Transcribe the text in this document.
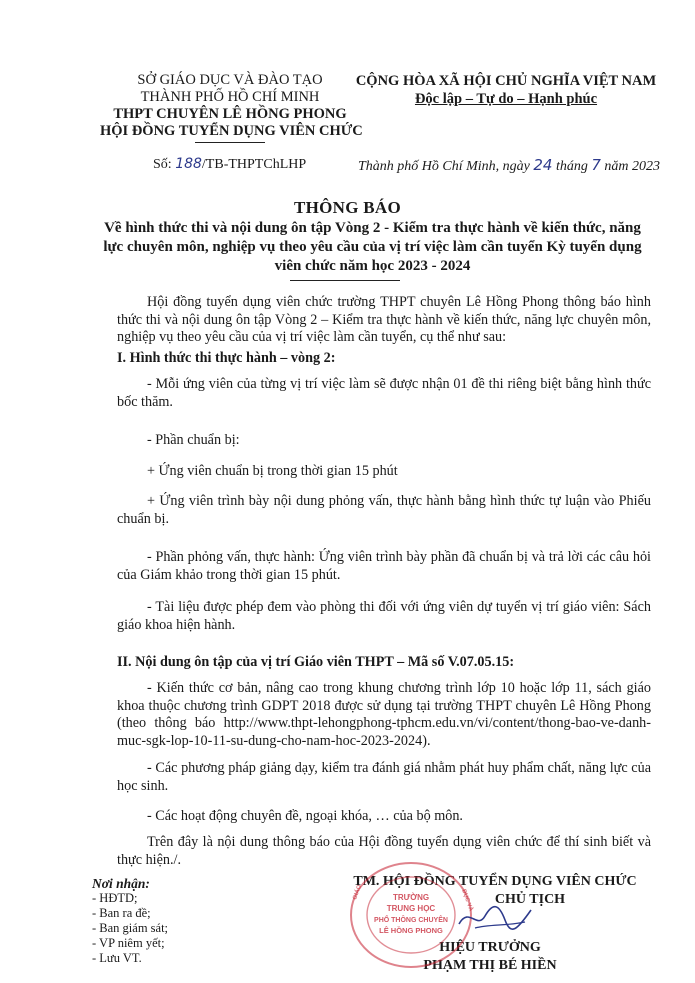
SỞ GIÁO DỤC VÀ ĐÀO TẠO
THÀNH PHỐ HỒ CHÍ MINH
THPT CHUYÊN LÊ HỒNG PHONG
HỘI ĐỒNG TUYỂN DỤNG VIÊN CHỨC
CỘNG HÒA XÃ HỘI CHỦ NGHĨA VIỆT NAM
Độc lập – Tự do – Hạnh phúc
Số: 188/TB-THPTChLHP	Thành phố Hồ Chí Minh, ngày 24 tháng 7 năm 2023
THÔNG BÁO
Về hình thức thi và nội dung ôn tập Vòng 2 - Kiểm tra thực hành về kiến thức, năng lực chuyên môn, nghiệp vụ theo yêu cầu của vị trí việc làm cần tuyển Kỳ tuyển dụng viên chức năm học 2023 - 2024

Hội đồng tuyển dụng viên chức trường THPT chuyên Lê Hồng Phong thông báo hình thức thi và nội dung ôn tập Vòng 2 – Kiểm tra thực hành về kiến thức, năng lực chuyên môn, nghiệp vụ theo yêu cầu của vị trí việc làm cần tuyển, cụ thể như sau:

I. Hình thức thi thực hành – vòng 2:

- Mỗi ứng viên của từng vị trí việc làm sẽ được nhận 01 đề thi riêng biệt bằng hình thức bốc thăm.

- Phần chuẩn bị:

+ Ứng viên chuẩn bị trong thời gian 15 phút

+ Ứng viên trình bày nội dung phỏng vấn, thực hành bằng hình thức tự luận vào Phiếu chuẩn bị.

- Phần phỏng vấn, thực hành: Ứng viên trình bày phần đã chuẩn bị và trả lời các câu hỏi của Giám khảo trong thời gian 15 phút.

- Tài liệu được phép đem vào phòng thi đối với ứng viên dự tuyển vị trí giáo viên: Sách giáo khoa hiện hành.

II. Nội dung ôn tập của vị trí Giáo viên THPT – Mã số V.07.05.15:

- Kiến thức cơ bản, nâng cao trong khung chương trình lớp 10 hoặc lớp 11, sách giáo khoa thuộc chương trình GDPT 2018 được sử dụng tại trường THPT chuyên Lê Hồng Phong (theo thông báo http://www.thpt-lehongphong-tphcm.edu.vn/vi/content/thong-bao-ve-danh-muc-sgk-lop-10-11-su-dung-cho-nam-hoc-2023-2024).

- Các phương pháp giảng dạy, kiểm tra đánh giá nhằm phát huy phẩm chất, năng lực của học sinh.

- Các hoạt động chuyên đề, ngoại khóa, … của bộ môn.

Trên đây là nội dung thông báo của Hội đồng tuyển dụng viên chức để thí sinh biết và thực hiện./.

Nơi nhận:
- HĐTD;
- Ban ra đề;
- Ban giám sát;
- VP niêm yết;
- Lưu VT.
TM. HỘI ĐỒNG TUYỂN DỤNG VIÊN CHỨC
CHỦ TỊCH
HIỆU TRƯỞNG
PHẠM THỊ BÉ HIỀN
TRƯỜNG
TRUNG HỌC
PHỔ THÔNG CHUYÊN
LÊ HỒNG PHONG
GIÁO	ĐỤC VÀ
